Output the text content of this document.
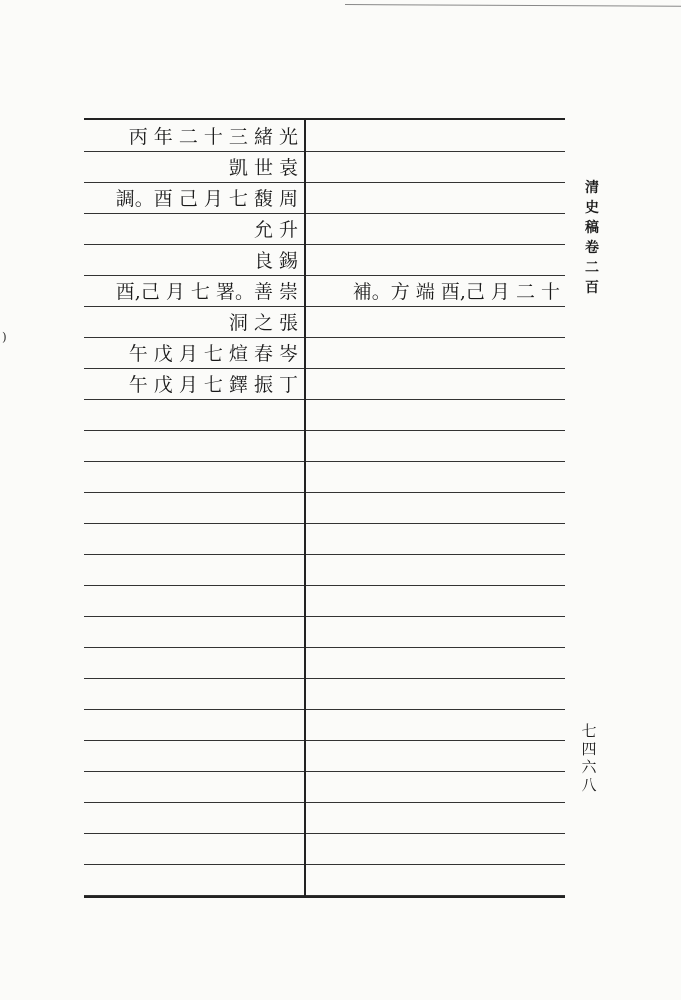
)
丙 年 二 十 三 緒 光
凱 世 袁
調。酉 己 月 七 馥 周
允 升
良 錫
酉,己 月 七 署。善 崇	補。方 端 酉,己 月 二 十
洞 之 張
午 戊 月 七 煊 春 岑
午 戊 月 七 鐸 振 丁
清
史
稿
卷
二
百
七
四
六
八
